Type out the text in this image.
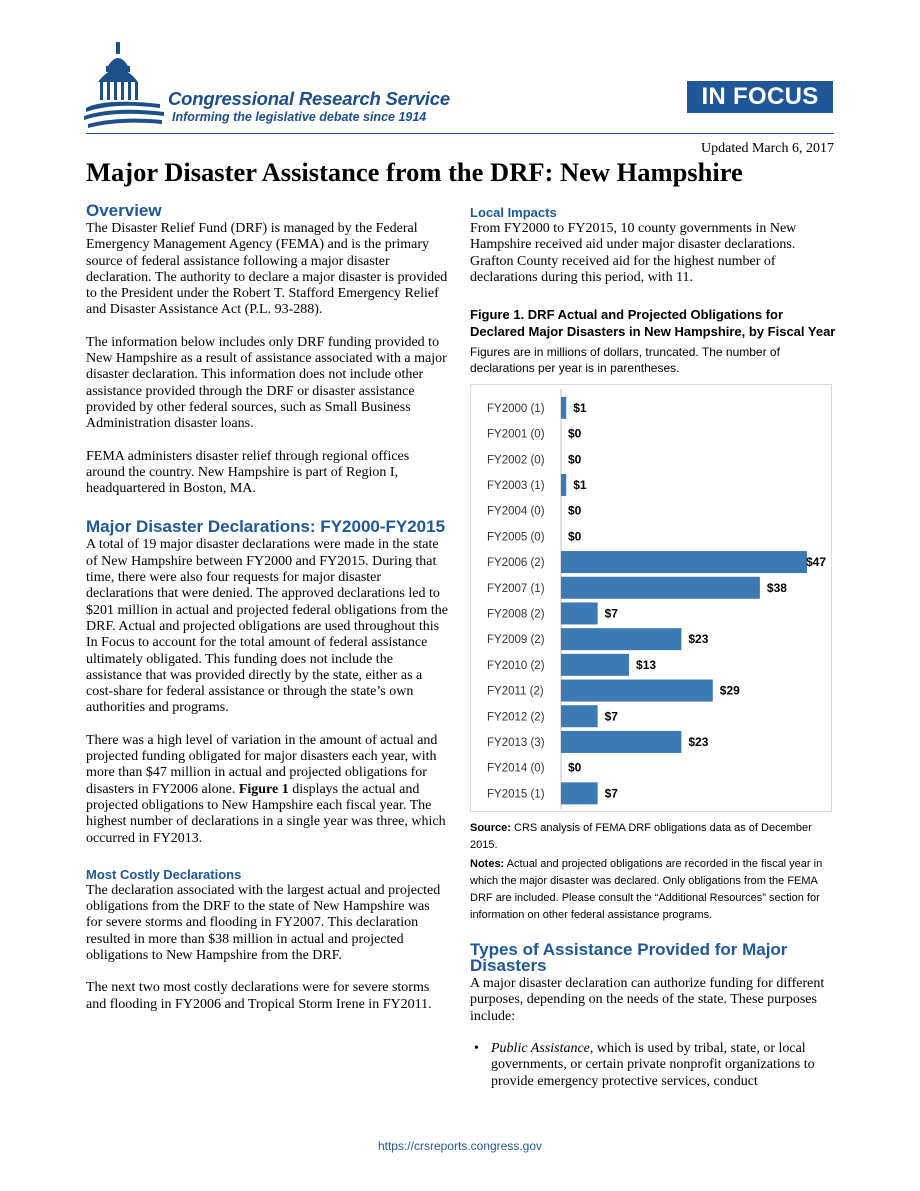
Congressional Research Service
Informing the legislative debate since 1914
IN FOCUS
Updated March 6, 2017
Major Disaster Assistance from the DRF: New Hampshire
Overview

The Disaster Relief Fund (DRF) is managed by the Federal Emergency Management Agency (FEMA) and is the primary source of federal assistance following a major disaster declaration. The authority to declare a major disaster is provided to the President under the Robert T. Stafford Emergency Relief and Disaster Assistance Act (P.L. 93-288).

The information below includes only DRF funding provided to New Hampshire as a result of assistance associated with a major disaster declaration. This information does not include other assistance provided through the DRF or disaster assistance provided by other federal sources, such as Small Business Administration disaster loans.

FEMA administers disaster relief through regional offices around the country. New Hampshire is part of Region I, headquartered in Boston, MA.

Major Disaster Declarations: FY2000-FY2015

A total of 19 major disaster declarations were made in the state of New Hampshire between FY2000 and FY2015. During that time, there were also four requests for major disaster declarations that were denied. The approved declarations led to $201 million in actual and projected federal obligations from the DRF. Actual and projected obligations are used throughout this In Focus to account for the total amount of federal assistance ultimately obligated. This funding does not include the assistance that was provided directly by the state, either as a cost-share for federal assistance or through the state’s own authorities and programs.

There was a high level of variation in the amount of actual and projected funding obligated for major disasters each year, with more than $47 million in actual and projected obligations for disasters in FY2006 alone. Figure 1 displays the actual and projected obligations to New Hampshire each fiscal year. The highest number of declarations in a single year was three, which occurred in FY2013.

Most Costly Declarations

The declaration associated with the largest actual and projected obligations from the DRF to the state of New Hampshire was for severe storms and flooding in FY2007. This declaration resulted in more than $38 million in actual and projected obligations to New Hampshire from the DRF.

The next two most costly declarations were for severe storms and flooding in FY2006 and Tropical Storm Irene in FY2011.

Local Impacts

From FY2000 to FY2015, 10 county governments in New Hampshire received aid under major disaster declarations. Grafton County received aid for the highest number of declarations during this period, with 11.

Figure 1. DRF Actual and Projected Obligations for Declared Major Disasters in New Hampshire, by Fiscal Year
Figures are in millions of dollars, truncated. The number of declarations per year is in parentheses.
FY2000 (1) $1
FY2001 (0) $0
FY2002 (0) $0
FY2003 (1) $1
FY2004 (0) $0
FY2005 (0) $0
FY2006 (2)	$47
FY2007 (1)	$38
FY2008 (2)	$7
FY2009 (2)	$23
FY2010 (2)	$13
FY2011 (2)	$29
FY2012 (2)	$7
FY2013 (3)	$23
FY2014 (0) $0
FY2015 (1)	$7
Source: CRS analysis of FEMA DRF obligations data as of December 2015.
Notes: Actual and projected obligations are recorded in the fiscal year in which the major disaster was declared. Only obligations from the FEMA DRF are included. Please consult the “Additional Resources” section for information on other federal assistance programs.
Types of Assistance Provided for Major Disasters

A major disaster declaration can authorize funding for different purposes, depending on the needs of the state. These purposes include:

• Public Assistance, which is used by tribal, state, or local governments, or certain private nonprofit organizations to provide emergency protective services, conduct
https://crsreports.congress.gov
